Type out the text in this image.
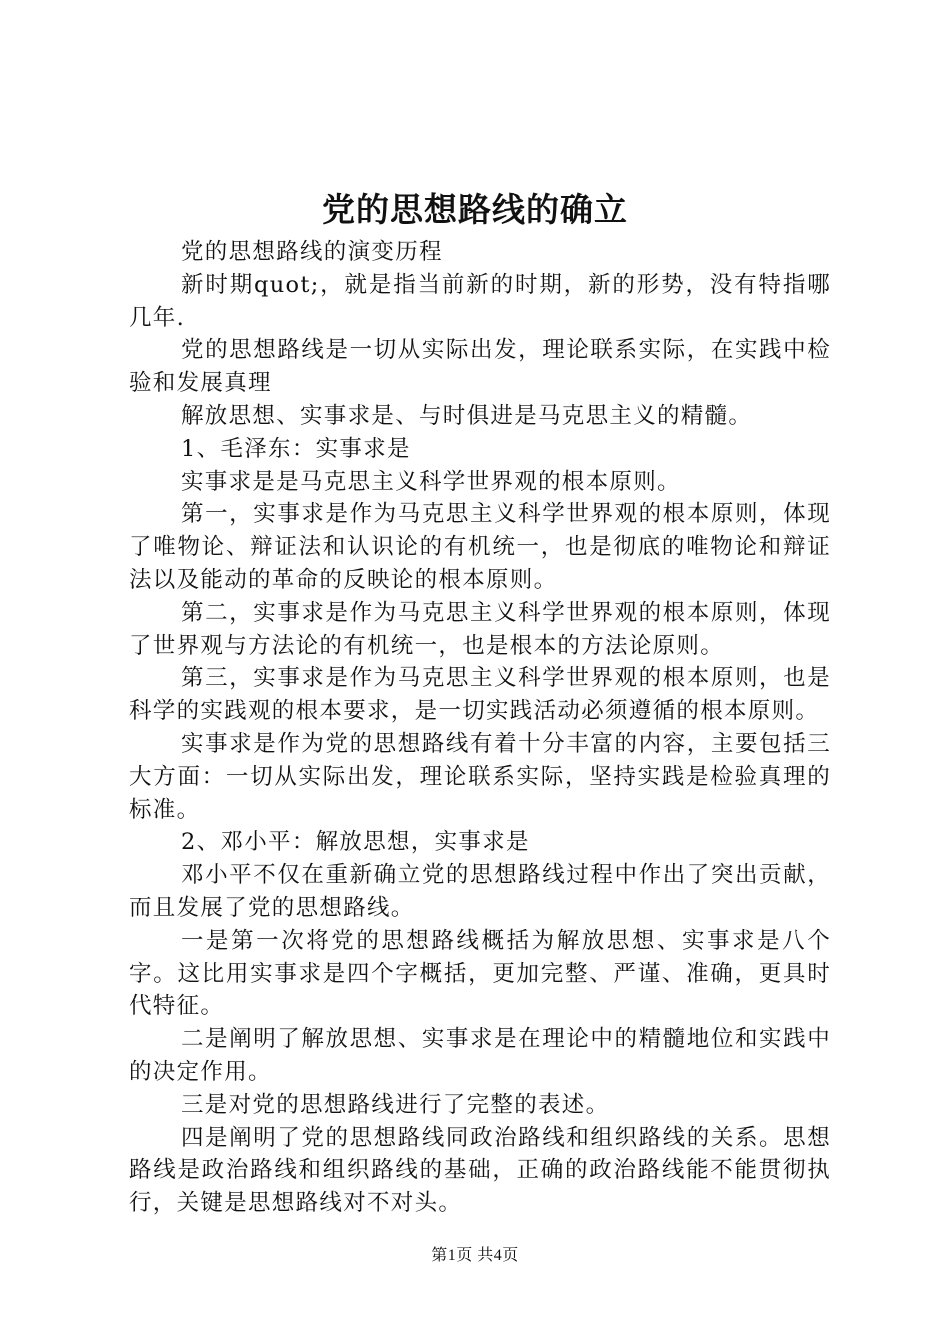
党的思想路线的确立

党的思想路线的演变历程

新时期quot;，就是指当前新的时期，新的形势，没有特指哪几年.

党的思想路线是一切从实际出发，理论联系实际，在实践中检验和发展真理

解放思想、实事求是、与时俱进是马克思主义的精髓。

1、毛泽东：实事求是

实事求是是马克思主义科学世界观的根本原则。

第一，实事求是作为马克思主义科学世界观的根本原则，体现了唯物论、辩证法和认识论的有机统一，也是彻底的唯物论和辩证法以及能动的革命的反映论的根本原则。

第二，实事求是作为马克思主义科学世界观的根本原则，体现了世界观与方法论的有机统一，也是根本的方法论原则。

第三，实事求是作为马克思主义科学世界观的根本原则，也是科学的实践观的根本要求，是一切实践活动必须遵循的根本原则。

实事求是作为党的思想路线有着十分丰富的内容，主要包括三大方面：一切从实际出发，理论联系实际，坚持实践是检验真理的标准。

2、邓小平：解放思想，实事求是

邓小平不仅在重新确立党的思想路线过程中作出了突出贡献，而且发展了党的思想路线。

一是第一次将党的思想路线概括为解放思想、实事求是八个字。这比用实事求是四个字概括，更加完整、严谨、准确，更具时代特征。

二是阐明了解放思想、实事求是在理论中的精髓地位和实践中的决定作用。

三是对党的思想路线进行了完整的表述。

四是阐明了党的思想路线同政治路线和组织路线的关系。思想路线是政治路线和组织路线的基础，正确的政治路线能不能贯彻执行，关键是思想路线对不对头。

第1页 共4页
